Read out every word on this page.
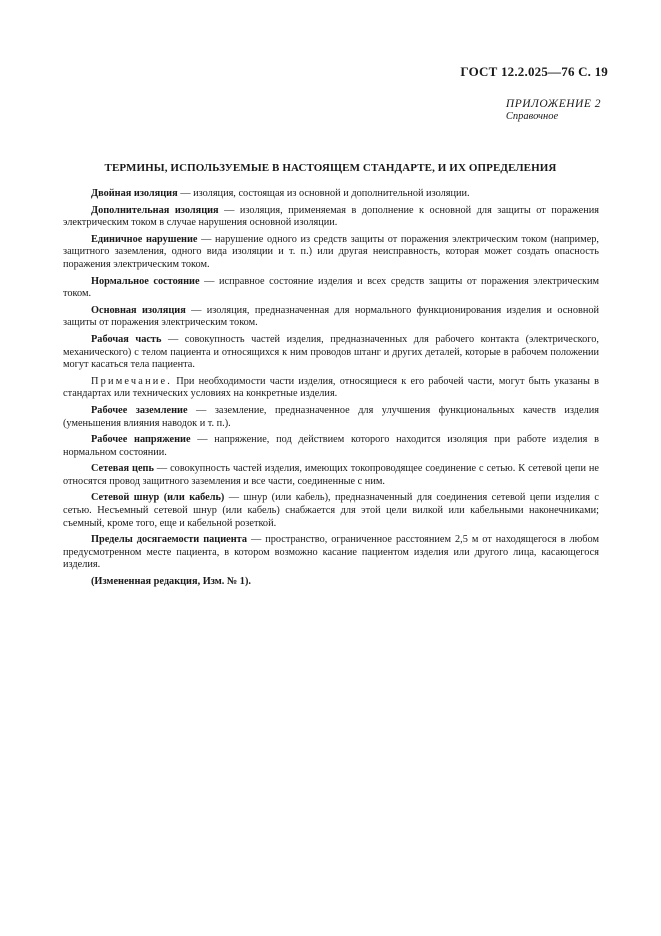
ГОСТ 12.2.025—76 С. 19
ПРИЛОЖЕНИЕ 2
Справочное
ТЕРМИНЫ, ИСПОЛЬЗУЕМЫЕ В НАСТОЯЩЕМ СТАНДАРТЕ, И ИХ ОПРЕДЕЛЕНИЯ

Двойная изоляция — изоляция, состоящая из основной и дополнительной изоляции.

Дополнительная изоляция — изоляция, применяемая в дополнение к основной для защиты от поражения электрическим током в случае нарушения основной изоляции.

Единичное нарушение — нарушение одного из средств защиты от поражения электрическим током (например, защитного заземления, одного вида изоляции и т. п.) или другая неисправность, которая может создать опасность поражения электрическим током.

Нормальное состояние — исправное состояние изделия и всех средств защиты от поражения электрическим током.

Основная изоляция — изоляция, предназначенная для нормального функционирования изделия и основной защиты от поражения электрическим током.

Рабочая часть — совокупность частей изделия, предназначенных для рабочего контакта (электрического, механического) с телом пациента и относящихся к ним проводов штанг и других деталей, которые в рабочем положении могут касаться тела пациента.

Примечание. При необходимости части изделия, относящиеся к его рабочей части, могут быть указаны в стандартах или технических условиях на конкретные изделия.

Рабочее заземление — заземление, предназначенное для улучшения функциональных качеств изделия (уменьшения влияния наводок и т. п.).

Рабочее напряжение — напряжение, под действием которого находится изоляция при работе изделия в нормальном состоянии.

Сетевая цепь — совокупность частей изделия, имеющих токопроводящее соединение с сетью. К сетевой цепи не относятся провод защитного заземления и все части, соединенные с ним.

Сетевой шнур (или кабель) — шнур (или кабель), предназначенный для соединения сетевой цепи изделия с сетью. Несъемный сетевой шнур (или кабель) снабжается для этой цели вилкой или кабельными наконечниками; съемный, кроме того, еще и кабельной розеткой.

Пределы досягаемости пациента — пространство, ограниченное расстоянием 2,5 м от находящегося в любом предусмотренном месте пациента, в котором возможно касание пациентом изделия или другого лица, касающегося изделия.

(Измененная редакция, Изм. № 1).
